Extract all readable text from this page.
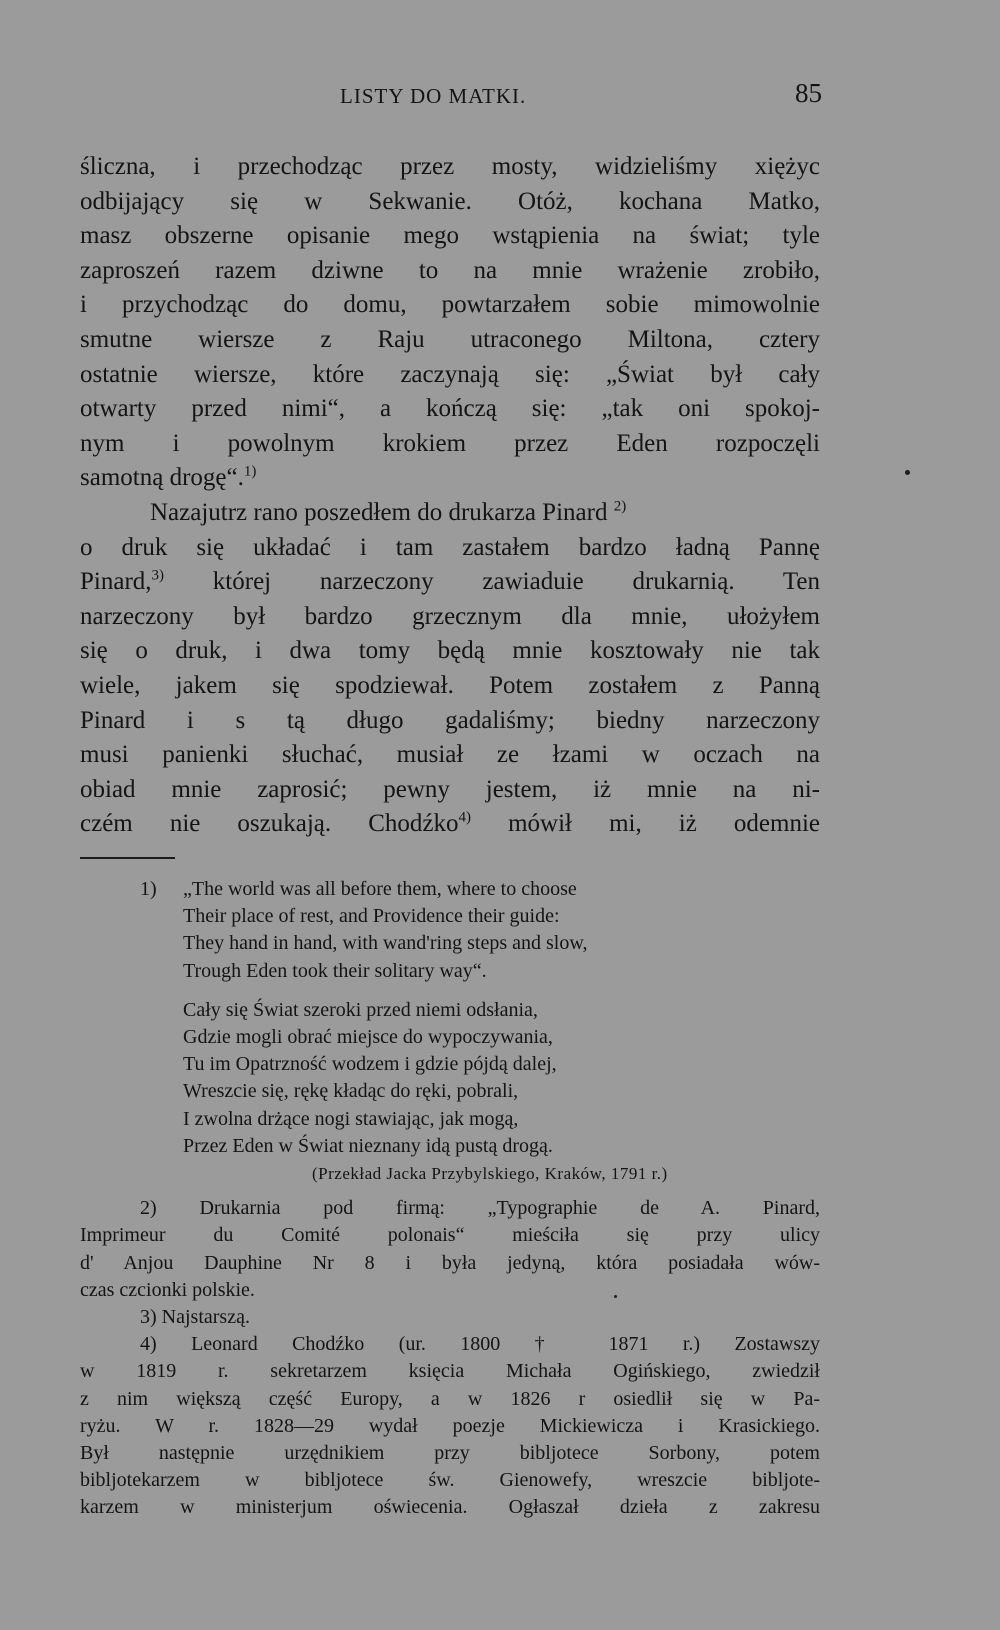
LISTY DO MATKI.	85
śliczna, i przechodząc przez mosty, widzieliśmy xiężyc
odbijający się w Sekwanie. Otóż, kochana Matko,
masz obszerne opisanie mego wstąpienia na świat; tyle
zaproszeń razem dziwne to na mnie wrażenie zrobiło,
i przychodząc do domu, powtarzałem sobie mimowolnie
smutne wiersze z Raju utraconego Miltona, cztery
ostatnie wiersze, które zaczynają się: „Świat był cały
otwarty przed nimi“, a kończą się: „tak oni spokoj-
nym i powolnym krokiem przez Eden rozpoczęli
samotną drogę“.$^{1)}$
Nazajutrz rano poszedłem do drukarza Pinard $^{2)}$
o druk się układać i tam zastałem bardzo ładną Pannę
Pinard,$^{3)}$ której narzeczony zawiaduie drukarnią. Ten
narzeczony był bardzo grzecznym dla mnie, ułożyłem
się o druk, i dwa tomy będą mnie kosztowały nie tak
wiele, jakem się spodziewał. Potem zostałem z Panną
Pinard i s tą długo gadaliśmy; biedny narzeczony
musi panienki słuchać, musiał ze łzami w oczach na
obiad mnie zaprosić; pewny jestem, iż mnie na ni-
czém nie oszukają. Chodźko$^{4)}$ mówił mi, iż odemnie
1) „The world was all before them, where to choose
Their place of rest, and Providence their guide:
They hand in hand, with wand'ring steps and slow,
Trough Eden took their solitary way“.
Cały się Świat szeroki przed niemi odsłania,
Gdzie mogli obrać miejsce do wypoczywania,
Tu im Opatrzność wodzem i gdzie pójdą dalej,
Wreszcie się, rękę kładąc do ręki, pobrali,
I zwolna drżące nogi stawiając, jak mogą,
Przez Eden w Świat nieznany idą pustą drogą.
(Przekład Jacka Przybylskiego, Kraków, 1791 r.)
2) Drukarnia pod firmą: „Typographie de A. Pinard,
Imprimeur du Comité polonais“ mieściła się przy ulicy
d' Anjou Dauphine Nr 8 i była jedyną, która posiadała wów-
czas czcionki polskie.
3) Najstarszą.
4) Leonard Chodźko (ur. 1800 † 1871 r.) Zostawszy
w 1819 r. sekretarzem księcia Michała Ogińskiego, zwiedził
z nim większą część Europy, a w 1826 r osiedlił się w Pa-
ryżu. W r. 1828—29 wydał poezje Mickiewicza i Krasickiego.
Był następnie urzędnikiem przy bibljotece Sorbony, potem
bibljotekarzem w bibljotece św. Gienowefy, wreszcie bibljote-
karzem w ministerjum oświecenia. Ogłaszał dzieła z zakresu
